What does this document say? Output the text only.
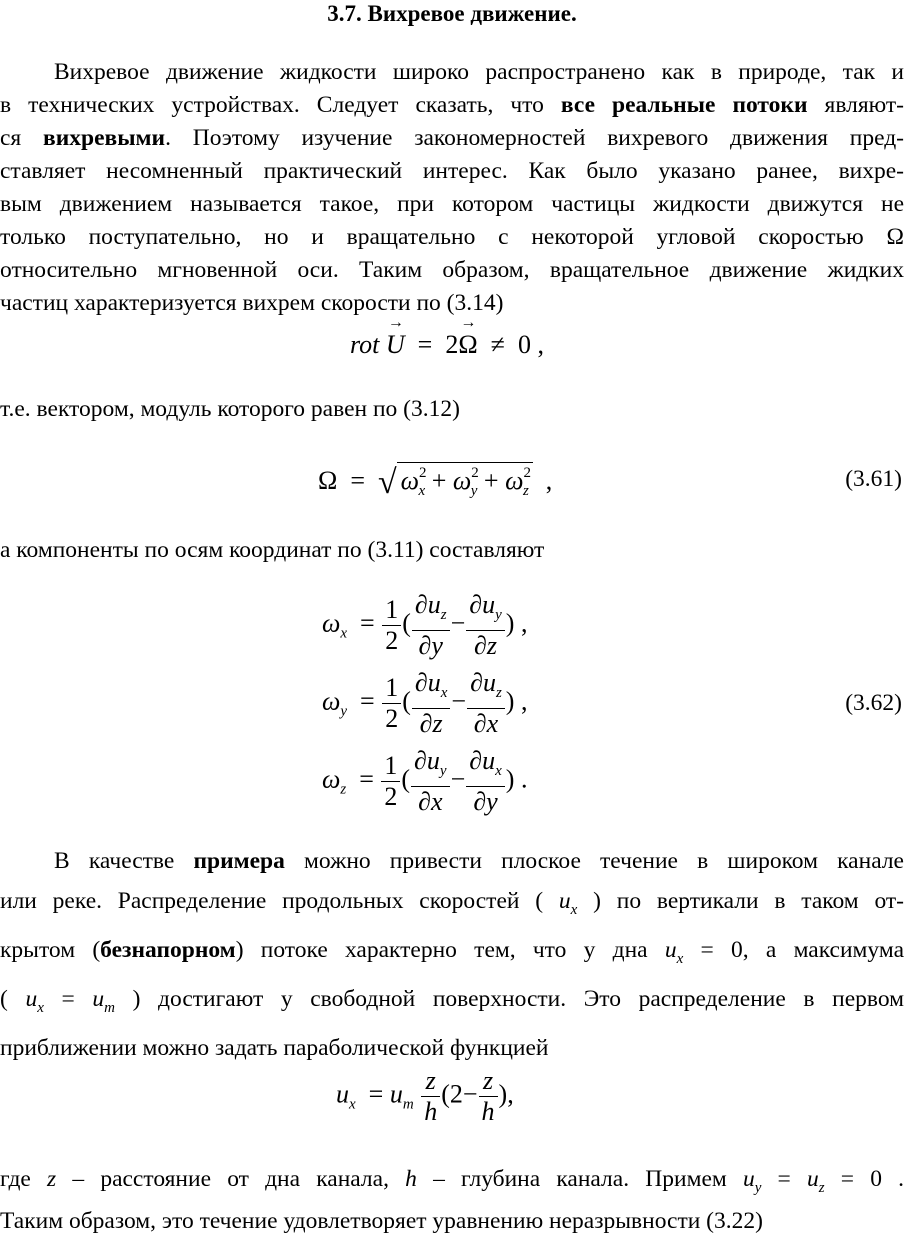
3.7. Вихревое движение.
Вихревое движение жидкости широко распространено как в природе, так и
в технических устройствах. Следует сказать, что все реальные потоки являют-
ся вихревыми. Поэтому изучение закономерностей вихревого движения пред-
ставляет несомненный практический интерес. Как было указано ранее, вихре-
вым движением называется такое, при котором частицы жидкости движутся не
только поступательно, но и вращательно с некоторой угловой скоростью Ω
относительно мгновенной оси. Таким образом, вращательное движение жидких
частиц характеризуется вихрем скорости по (3.14)
rot → U = 2→ Ω ≠ 0 ,
т.е. вектором, модуль которого равен по (3.12)
Ω = √ $\omega^2_x + \omega^2_y + \omega^2_z$ ,	(3.61)
а компоненты по осям координат по (3.11) составляют
$\omega_x = \frac{1}{2}$ ( $\frac{\partial u_z}{\partial y} - \frac{\partial u_y}{\partial z}$ ) ,
$\omega_y = \frac{1}{2}$ ( $\frac{\partial u_x}{\partial z} - \frac{\partial u_z}{\partial x}$ ) ,	(3.62)
$\omega_z = \frac{1}{2}$ ( $\frac{\partial u_y}{\partial x} - \frac{\partial u_x}{\partial y}$ ) .
В качестве примера можно привести плоское течение в широком канале
или реке. Распределение продольных скоростей ( $u_x$ ) по вертикали в таком от-
крытом (безнапорном) потоке характерно тем, что у дна $u_x = 0$, а максимума
( $u_x = u_m$ ) достигают у свободной поверхности. Это распределение в первом
приближении можно задать параболической функцией
$u_x = u_m \frac{z}{h} (2- \frac{z}{h}$ ),
где z – расстояние от дна канала, h – глубина канала. Примем $u_y = u_z = 0$ .
Таким образом, это течение удовлетворяет уравнению неразрывности (3.22)
